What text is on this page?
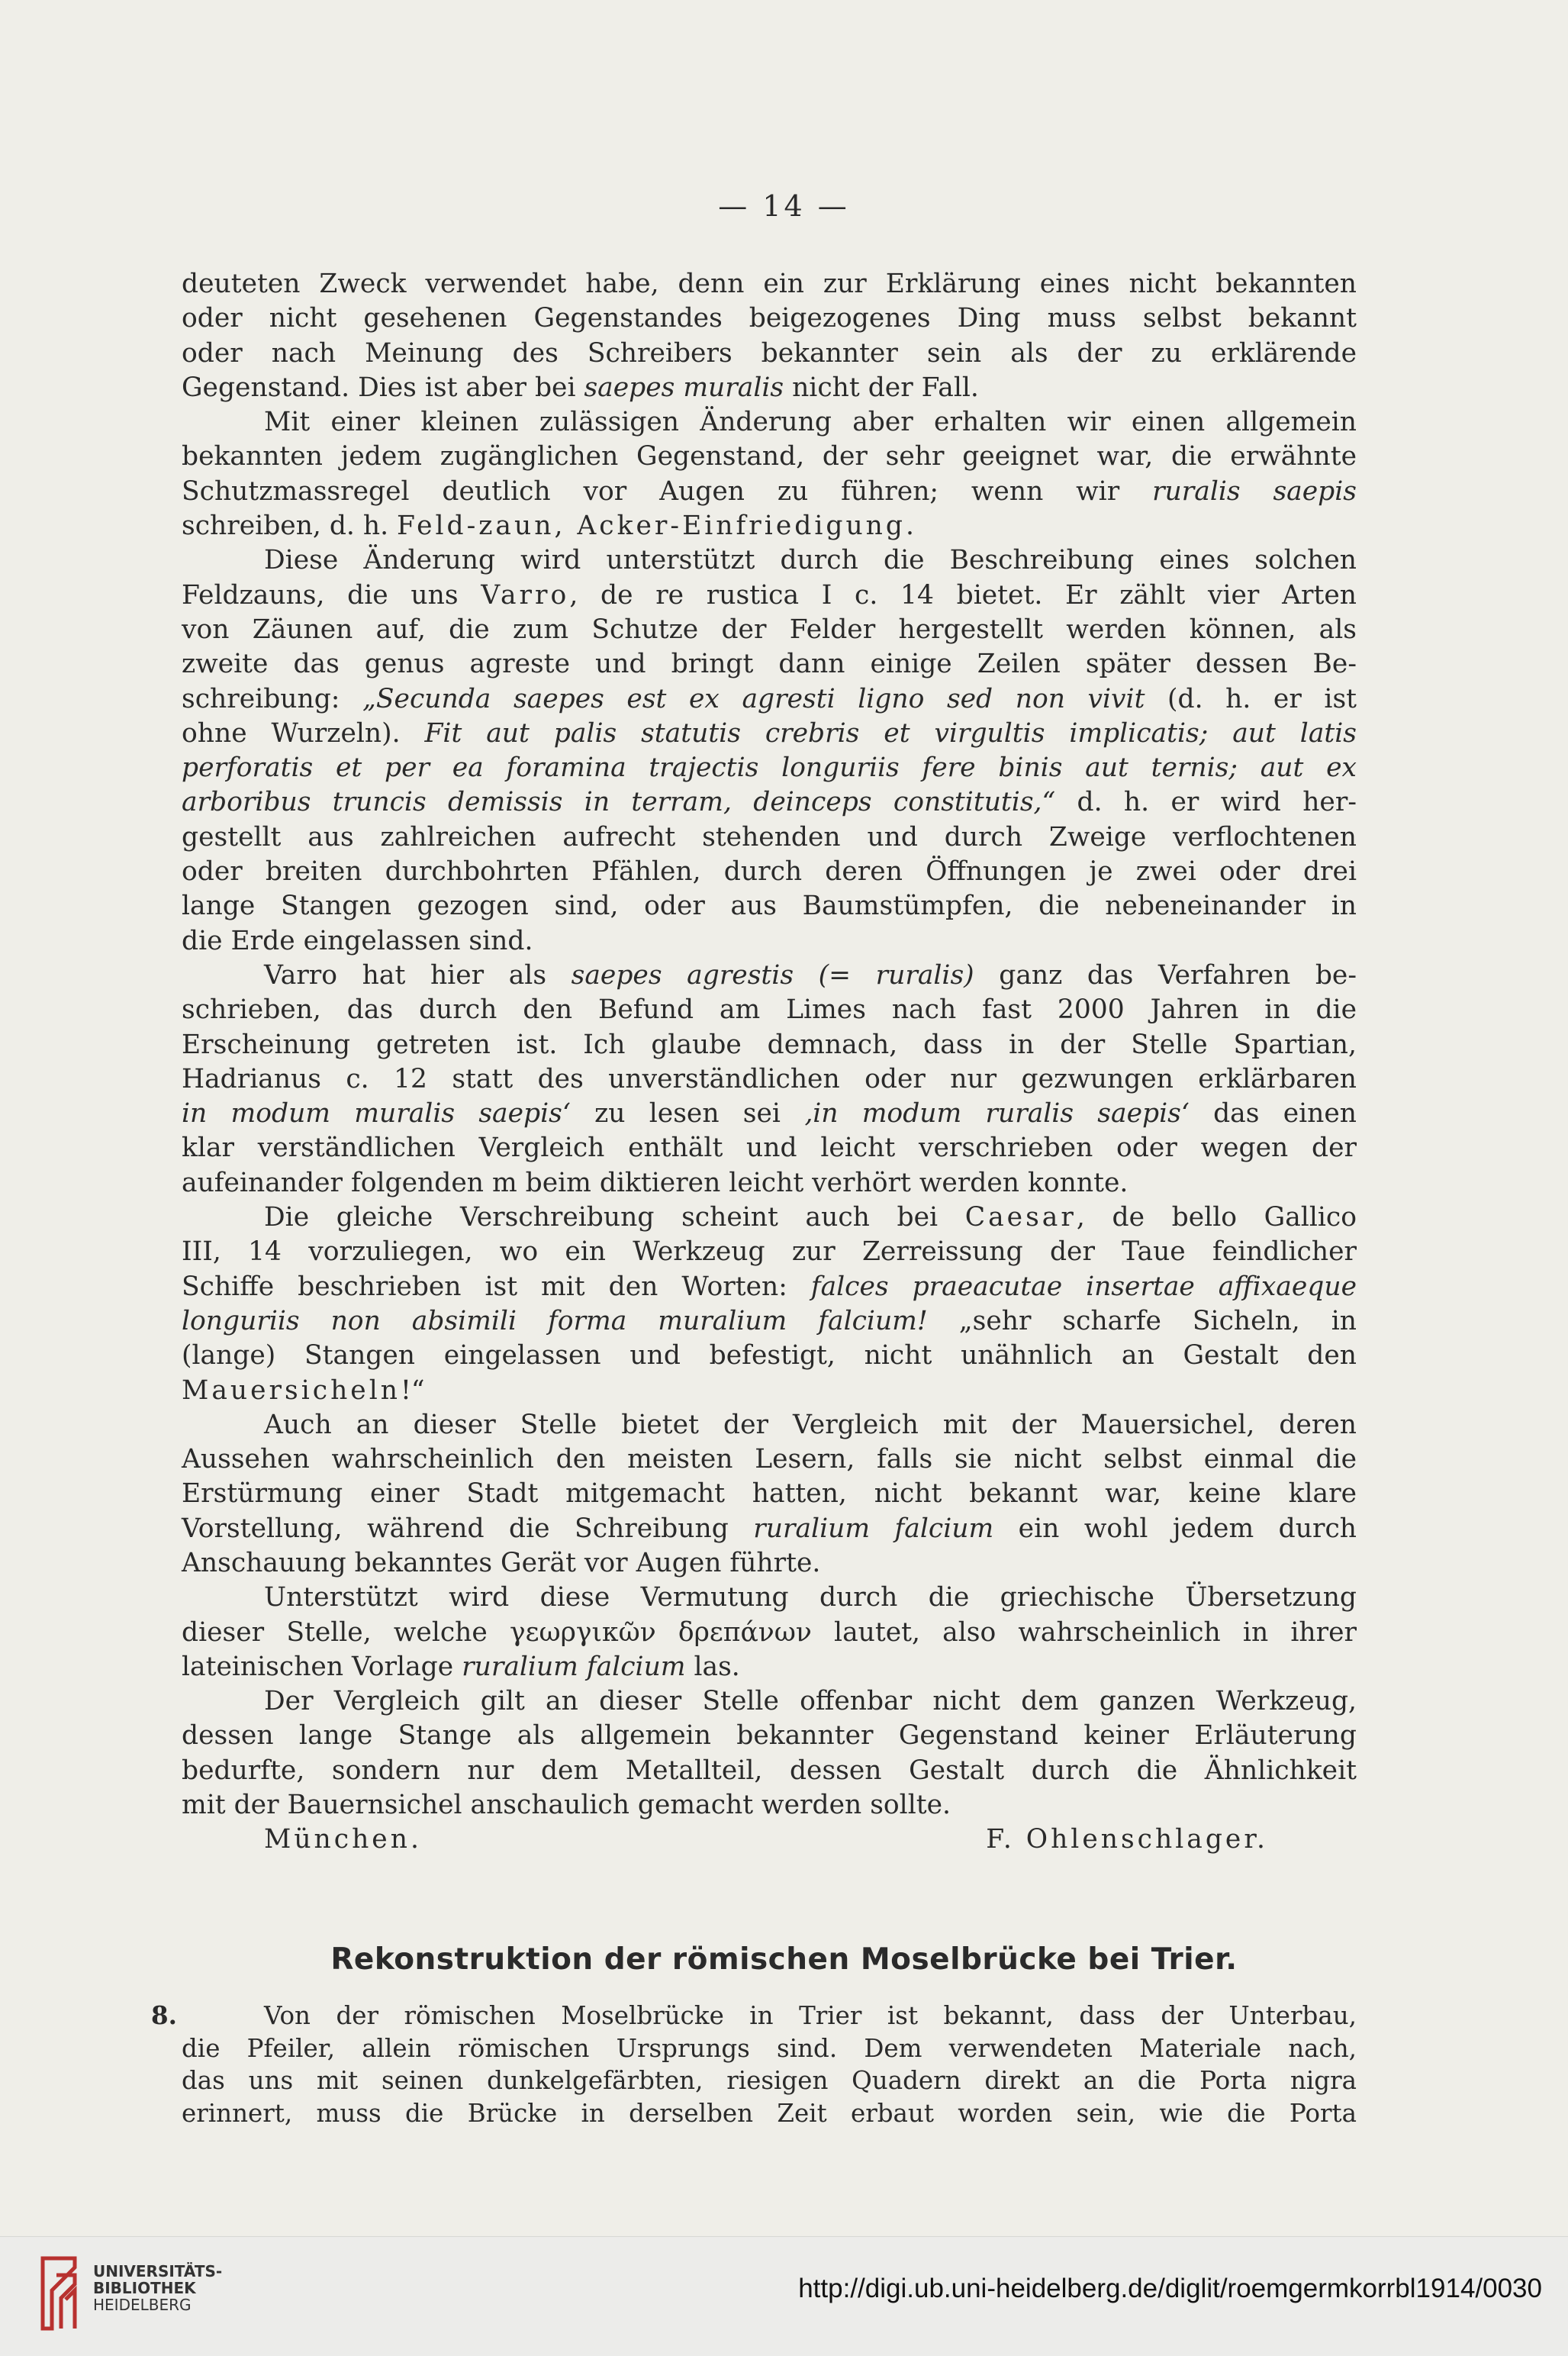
— 14 —
deuteten Zweck verwendet habe, denn ein zur Erklärung eines nicht bekannten
oder nicht gesehenen Gegenstandes beigezogenes Ding muss selbst bekannt
oder nach Meinung des Schreibers bekannter sein als der zu erklärende
Gegenstand. Dies ist aber bei saepes muralis nicht der Fall.
Mit einer kleinen zulässigen Änderung aber erhalten wir einen allgemein
bekannten jedem zugänglichen Gegenstand, der sehr geeignet war, die erwähnte
Schutzmassregel deutlich vor Augen zu führen; wenn wir ruralis saepis
schreiben, d. h. Feld-zaun, Acker-Einfriedigung.
Diese Änderung wird unterstützt durch die Beschreibung eines solchen
Feldzauns, die uns Varro, de re rustica I c. 14 bietet. Er zählt vier Arten
von Zäunen auf, die zum Schutze der Felder hergestellt werden können, als
zweite das genus agreste und bringt dann einige Zeilen später dessen Be-
schreibung: „Secunda saepes est ex agresti ligno sed non vivit (d. h. er ist
ohne Wurzeln). Fit aut palis statutis crebris et virgultis implicatis; aut latis
perforatis et per ea foramina trajectis longuriis fere binis aut ternis; aut ex
arboribus truncis demissis in terram, deinceps constitutis,“ d. h. er wird her-
gestellt aus zahlreichen aufrecht stehenden und durch Zweige verflochtenen
oder breiten durchbohrten Pfählen, durch deren Öffnungen je zwei oder drei
lange Stangen gezogen sind, oder aus Baumstümpfen, die nebeneinander in
die Erde eingelassen sind.
Varro hat hier als saepes agrestis (= ruralis) ganz das Verfahren be-
schrieben, das durch den Befund am Limes nach fast 2000 Jahren in die
Erscheinung getreten ist. Ich glaube demnach, dass in der Stelle Spartian,
Hadrianus c. 12 statt des unverständlichen oder nur gezwungen erklärbaren
in modum muralis saepis‘ zu lesen sei ‚in modum ruralis saepis‘ das einen
klar verständlichen Vergleich enthält und leicht verschrieben oder wegen der
aufeinander folgenden m beim diktieren leicht verhört werden konnte.
Die gleiche Verschreibung scheint auch bei Caesar, de bello Gallico
III, 14 vorzuliegen, wo ein Werkzeug zur Zerreissung der Taue feindlicher
Schiffe beschrieben ist mit den Worten: falces praeacutae insertae affixaeque
longuriis non absimili forma muralium falcium! „sehr scharfe Sicheln, in
(lange) Stangen eingelassen und befestigt, nicht unähnlich an Gestalt den
Mauersicheln!“
Auch an dieser Stelle bietet der Vergleich mit der Mauersichel, deren
Aussehen wahrscheinlich den meisten Lesern, falls sie nicht selbst einmal die
Erstürmung einer Stadt mitgemacht hatten, nicht bekannt war, keine klare
Vorstellung, während die Schreibung ruralium falcium ein wohl jedem durch
Anschauung bekanntes Gerät vor Augen führte.
Unterstützt wird diese Vermutung durch die griechische Übersetzung
dieser Stelle, welche γεωργικῶν δρεπάνων lautet, also wahrscheinlich in ihrer
lateinischen Vorlage ruralium falcium las.
Der Vergleich gilt an dieser Stelle offenbar nicht dem ganzen Werkzeug,
dessen lange Stange als allgemein bekannter Gegenstand keiner Erläuterung
bedurfte, sondern nur dem Metallteil, dessen Gestalt durch die Ähnlichkeit
mit der Bauernsichel anschaulich gemacht werden sollte.
München.	F. Ohlenschlager.
Rekonstruktion der römischen Moselbrücke bei Trier.
8.	Von der römischen Moselbrücke in Trier ist bekannt, dass der Unterbau,
die Pfeiler, allein römischen Ursprungs sind. Dem verwendeten Materiale nach,
das uns mit seinen dunkelgefärbten, riesigen Quadern direkt an die Porta nigra
erinnert, muss die Brücke in derselben Zeit erbaut worden sein, wie die Porta
UNIVERSITÄTS-
BIBLIOTHEK
HEIDELBERG
http://digi.ub.uni-heidelberg.de/diglit/roemgermkorrbl1914/0030
